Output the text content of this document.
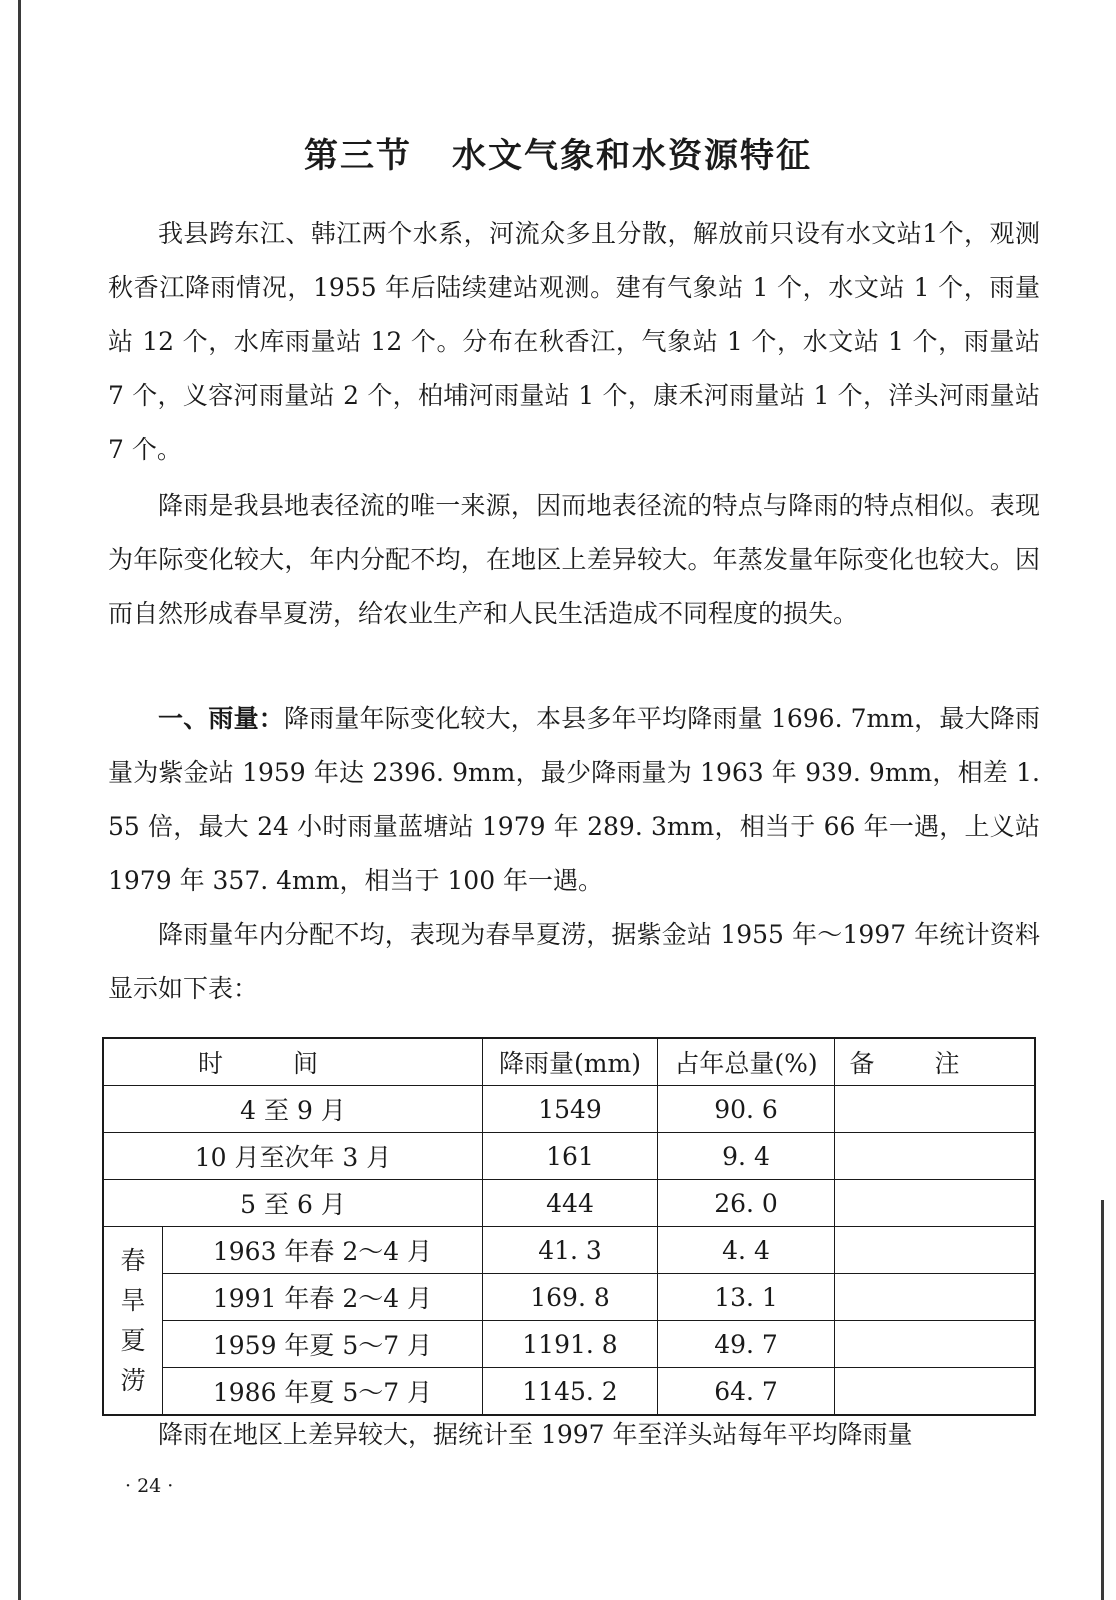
第三节 水文气象和水资源特征
我县跨东江、韩江两个水系，河流众多且分散，解放前只设有水文站1个，观测秋香江降雨情况，1955 年后陆续建站观测。建有气象站 1 个，水文站 1 个，雨量站 12 个，水库雨量站 12 个。分布在秋香江，气象站 1 个，水文站 1 个，雨量站 7 个，义容河雨量站 2 个，柏埔河雨量站 1 个，康禾河雨量站 1 个，洋头河雨量站 7 个。
降雨是我县地表径流的唯一来源，因而地表径流的特点与降雨的特点相似。表现为年际变化较大，年内分配不均，在地区上差异较大。年蒸发量年际变化也较大。因而自然形成春旱夏涝，给农业生产和人民生活造成不同程度的损失。
一、雨量：降雨量年际变化较大，本县多年平均降雨量 1696. 7mm，最大降雨量为紫金站 1959 年达 2396. 9mm，最少降雨量为 1963 年 939. 9mm，相差 1. 55 倍，最大 24 小时雨量蓝塘站 1979 年 289. 3mm，相当于 66 年一遇，上义站 1979 年 357. 4mm，相当于 100 年一遇。
降雨量年内分配不均，表现为春旱夏涝，据紫金站 1955 年～1997 年统计资料显示如下表：
时间		降雨量(mm)	占年总量(%)	备注
4 至 9 月		1549	90. 6	
10 月至次年 3 月		161	9. 4	
5 至 6 月		444	26. 0	

春
旱
夏
涝	1963 年春 2～4 月	41. 3	4. 4	
	1991 年春 2～4 月	169. 8	13. 1	
	1959 年夏 5～7 月	1191. 8	49. 7	
	1986 年夏 5～7 月	1145. 2	64. 7	
降雨在地区上差异较大，据统计至 1997 年至洋头站每年平均降雨量
· 24 ·
